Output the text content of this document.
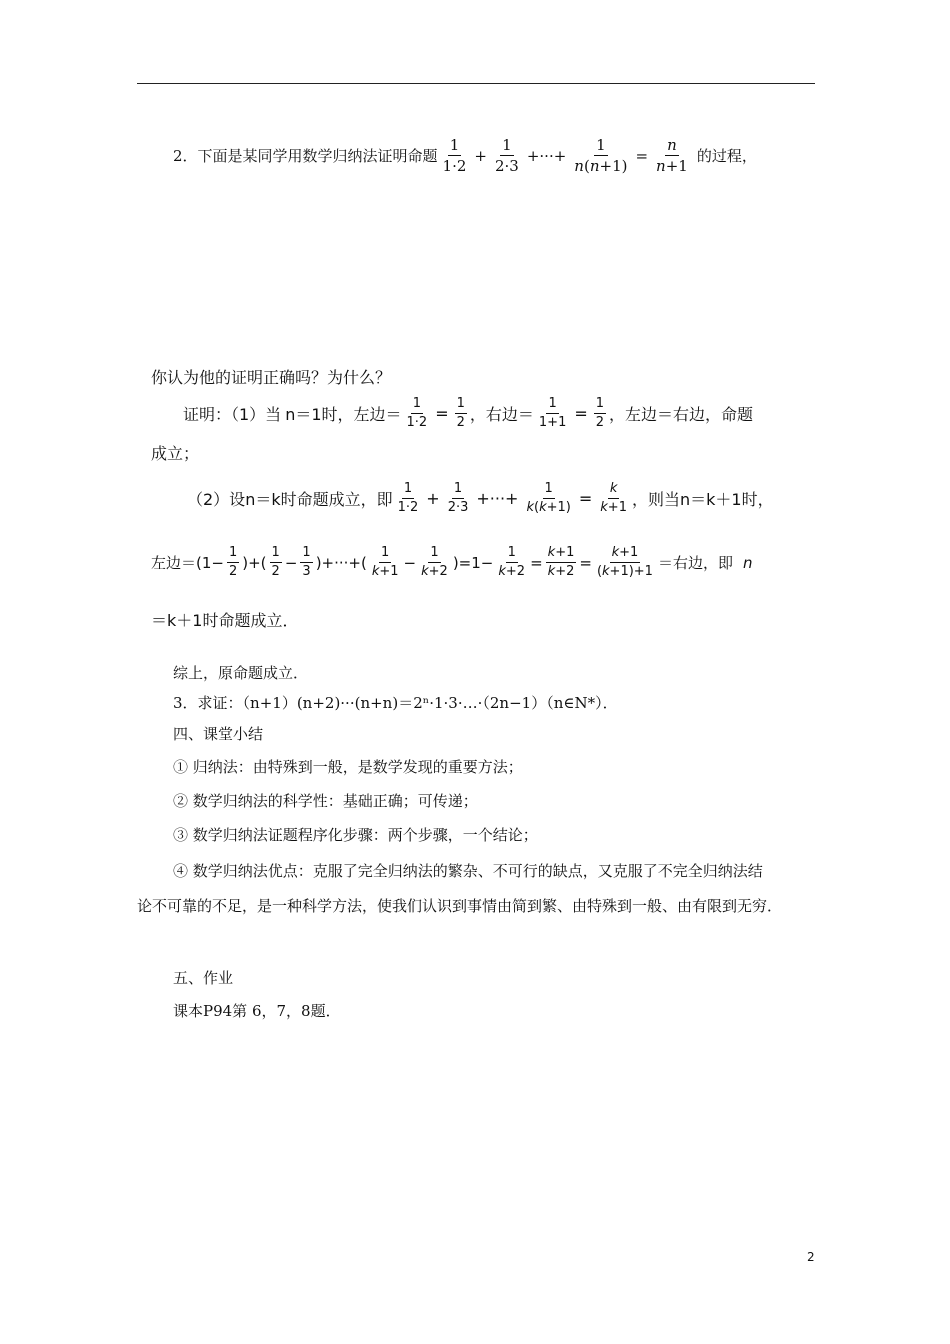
2．下面是某同学用数学归纳法证明命题 $\frac{1}{1\cdot 2} + \frac{1}{2\cdot 3}$ +···+ $\frac{1}{n(n+1)} = \frac{n}{n+1}$ 的过程，
你认为他的证明正确吗？为什么？
证明：（1）当 n＝1时，左边＝ $\frac{1}{1\cdot 2} = \frac{1}{2}$ ，右边＝ $\frac{1}{1+1} = \frac{1}{2}$ ，左边＝右边，命题
成立；
（2）设 n＝k时命题成立，即 $\frac{1}{1\cdot 2} + \frac{1}{2\cdot 3}$ +···+ $\frac{1}{k(k+1)} = \frac{k}{k+1}$ ，则当 n＝k＋1时，
左边＝ ($1- \frac{1}{2}$ )+( $\frac{1}{2} - \frac{1}{3}$ )+···+( $\frac{1}{k+1} - \frac{1}{k+2} )=1- \frac{1}{k+2} = \frac{k+1}{k+2} = \frac{k+1}{(k+1)+1}$ ＝右边，即 n
＝k＋1时命题成立．
综上，原命题成立．
3．求证：（n+1）(n+2)···(n+n)＝2ⁿ·1·3·…·（2n−1）（n∈N*）．
四、课堂小结
① 归纳法：由特殊到一般，是数学发现的重要方法；
② 数学归纳法的科学性：基础正确；可传递；
③ 数学归纳法证题程序化步骤：两个步骤，一个结论；
④ 数学归纳法优点：克服了完全归纳法的繁杂、不可行的缺点，又克服了不完全归纳法结
论不可靠的不足，是一种科学方法，使我们认识到事情由简到繁、由特殊到一般、由有限到无穷．
五、作业
课本P94第 6，7，8题．
2
